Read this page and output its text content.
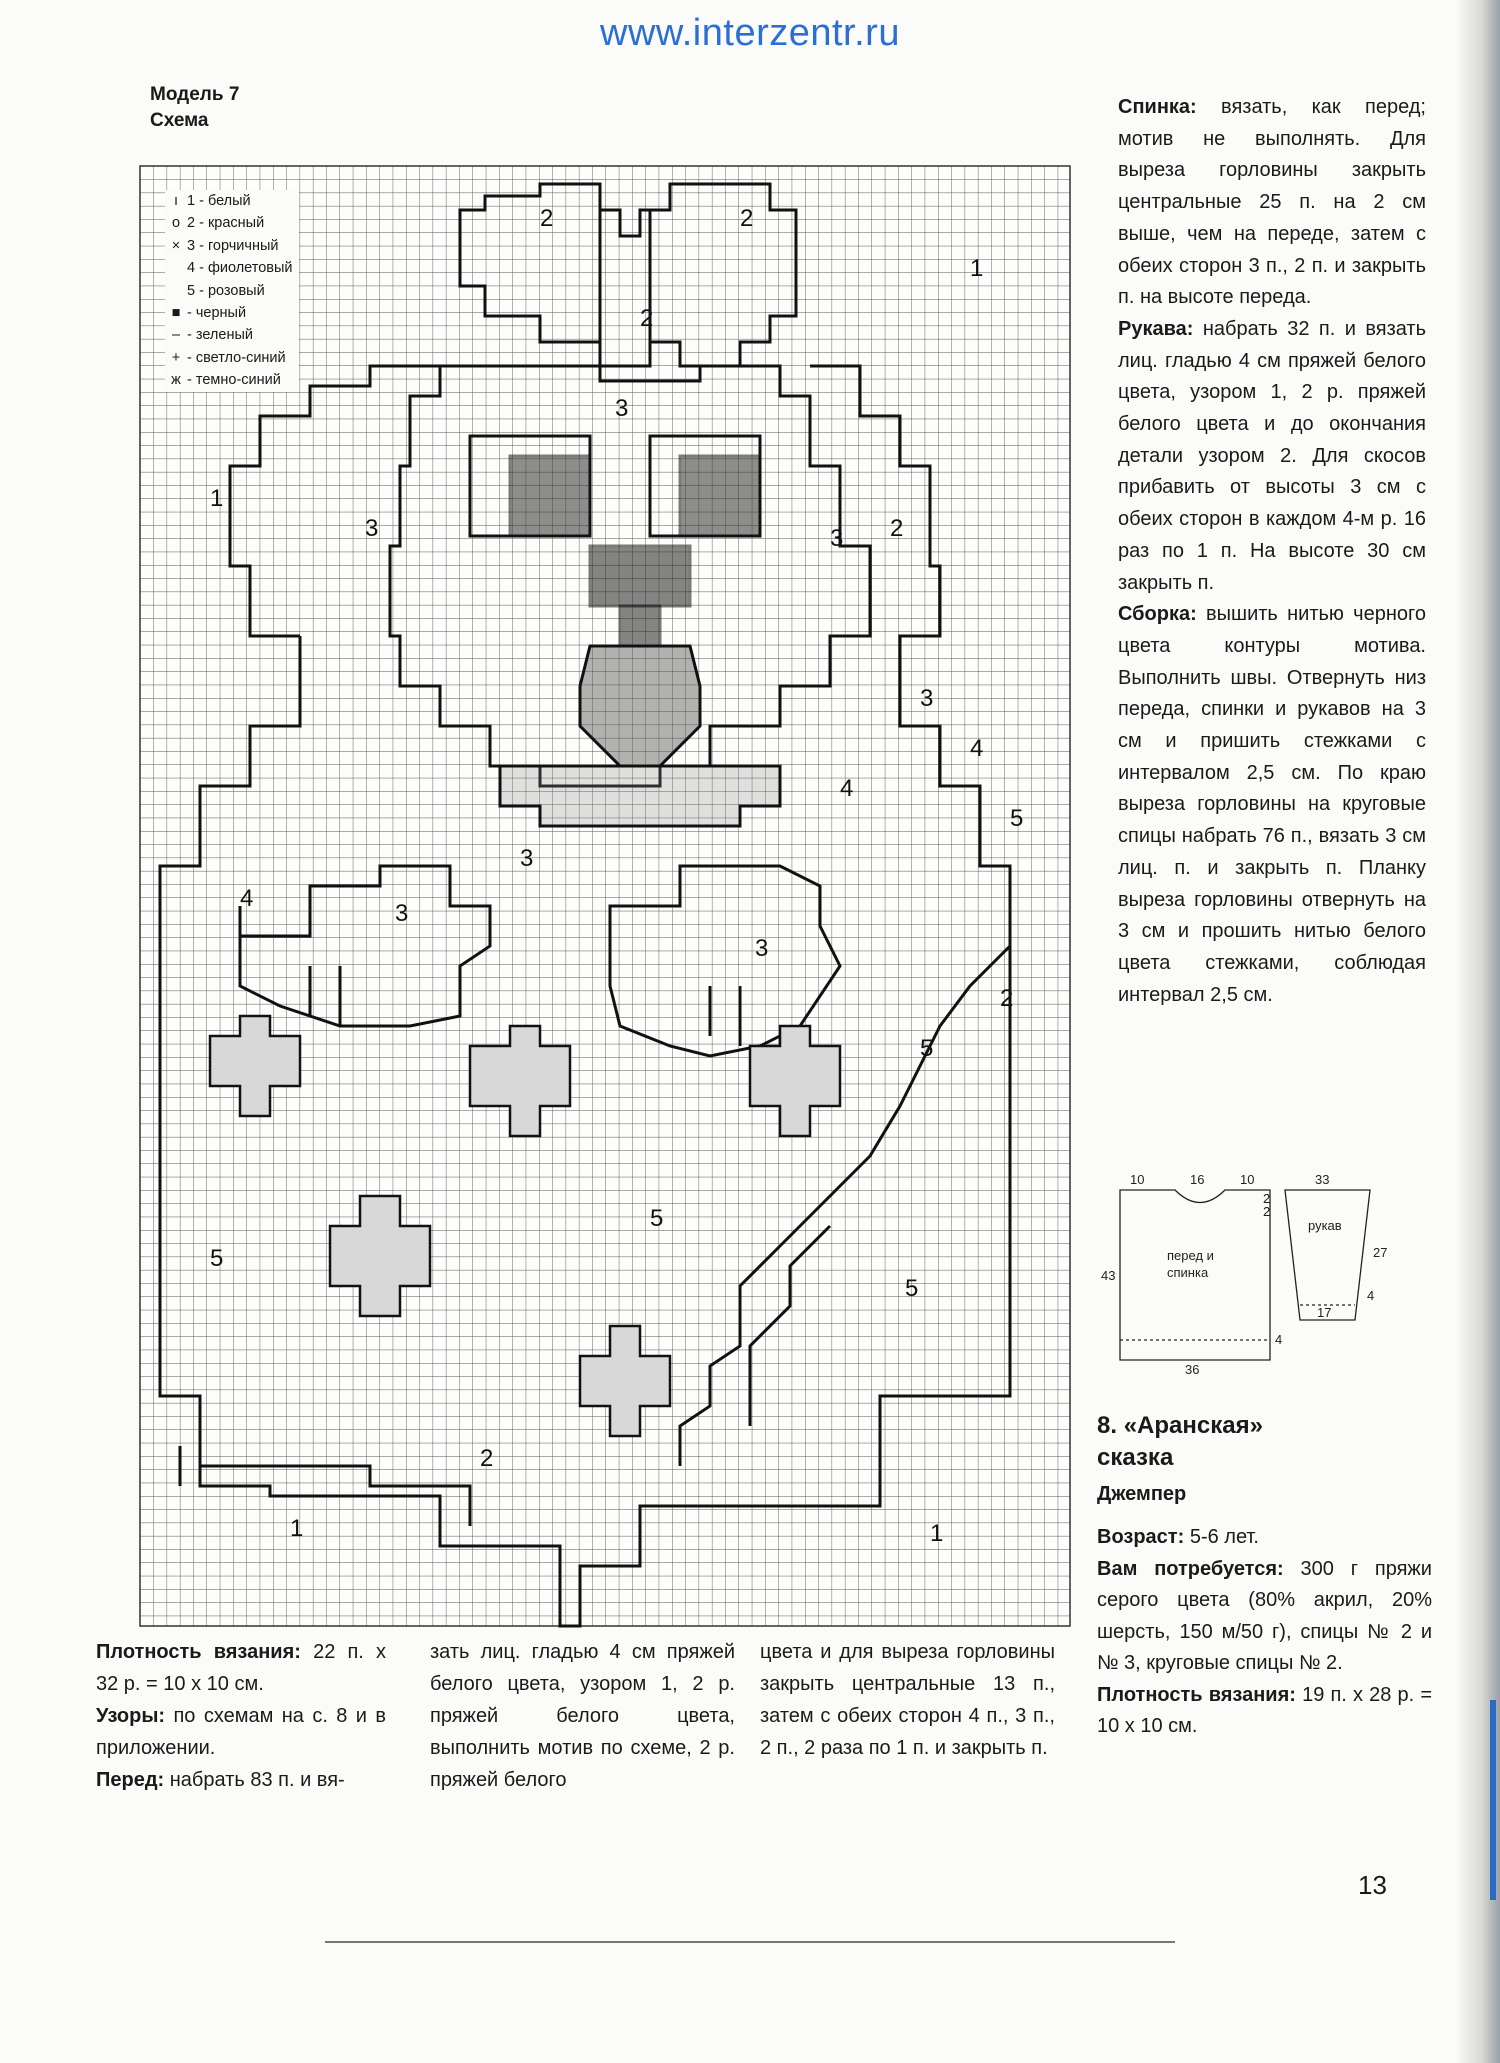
www.interzentr.ru
Модель 7
Схема
2	2
1
2
3
1
3	3 2
3
4
5
4
3
4
3
3
2
5
5
5
5
2
1	1
ı 1 - белый
o 2 - красный
× 3 - горчичный
4 - фиолетовый
5 - розовый
■ - черный
– - зеленый
+ - светло-синий
ж - темно-синий

Плотность вязания: 22 п. х 32 р. = 10 х 10 см.

Узоры: по схемам на с. 8 и в приложении.

Перед: набрать 83 п. и вя-

зать лиц. гладью 4 см пряжей белого цвета, узором 1, 2 р. пряжей белого цвета, выполнить мотив по схеме, 2 р. пряжей белого

цвета и для выреза горловины закрыть центральные 13 п., затем с обеих сторон 4 п., 3 п., 2 п., 2 раза по 1 п. и закрыть п.

Спинка: вязать, как перед; мотив не выполнять. Для выреза горловины закрыть центральные 25 п. на 2 см выше, чем на переде, затем с обеих сторон 3 п., 2 п. и закрыть п. на высоте переда.

Рукава: набрать 32 п. и вязать лиц. гладью 4 см пряжей белого цвета, узором 1, 2 р. пряжей белого цвета и до окончания детали узором 2. Для скосов прибавить от высоты 3 см с обеих сторон в каждом 4-м р. 16 раз по 1 п. На высоте 30 см закрыть п.

Сборка: вышить нитью черного цвета контуры мотива. Выполнить швы. Отвернуть низ переда, спинки и рукавов на 3 см и пришить стежками с интервалом 2,5 см. По краю выреза горловины на круговые спицы набрать 76 п., вязать 3 см лиц. п. и закрыть п. Планку выреза горловины отвернуть на 3 см и прошить нитью белого цвета стежками, соблюдая интервал 2,5 см.

10	16	10
2
2
33
перед и
спинка
рукав
43
27
17
4
4
36
8. «Аранская»
сказка
Джемпер

Возраст: 5-6 лет.

Вам потребуется: 300 г пряжи серого цвета (80% акрил, 20% шерсть, 150 м/50 г), спицы № 2 и № 3, круговые спицы № 2.

Плотность вязания: 19 п. х 28 р. = 10 х 10 см.

13
